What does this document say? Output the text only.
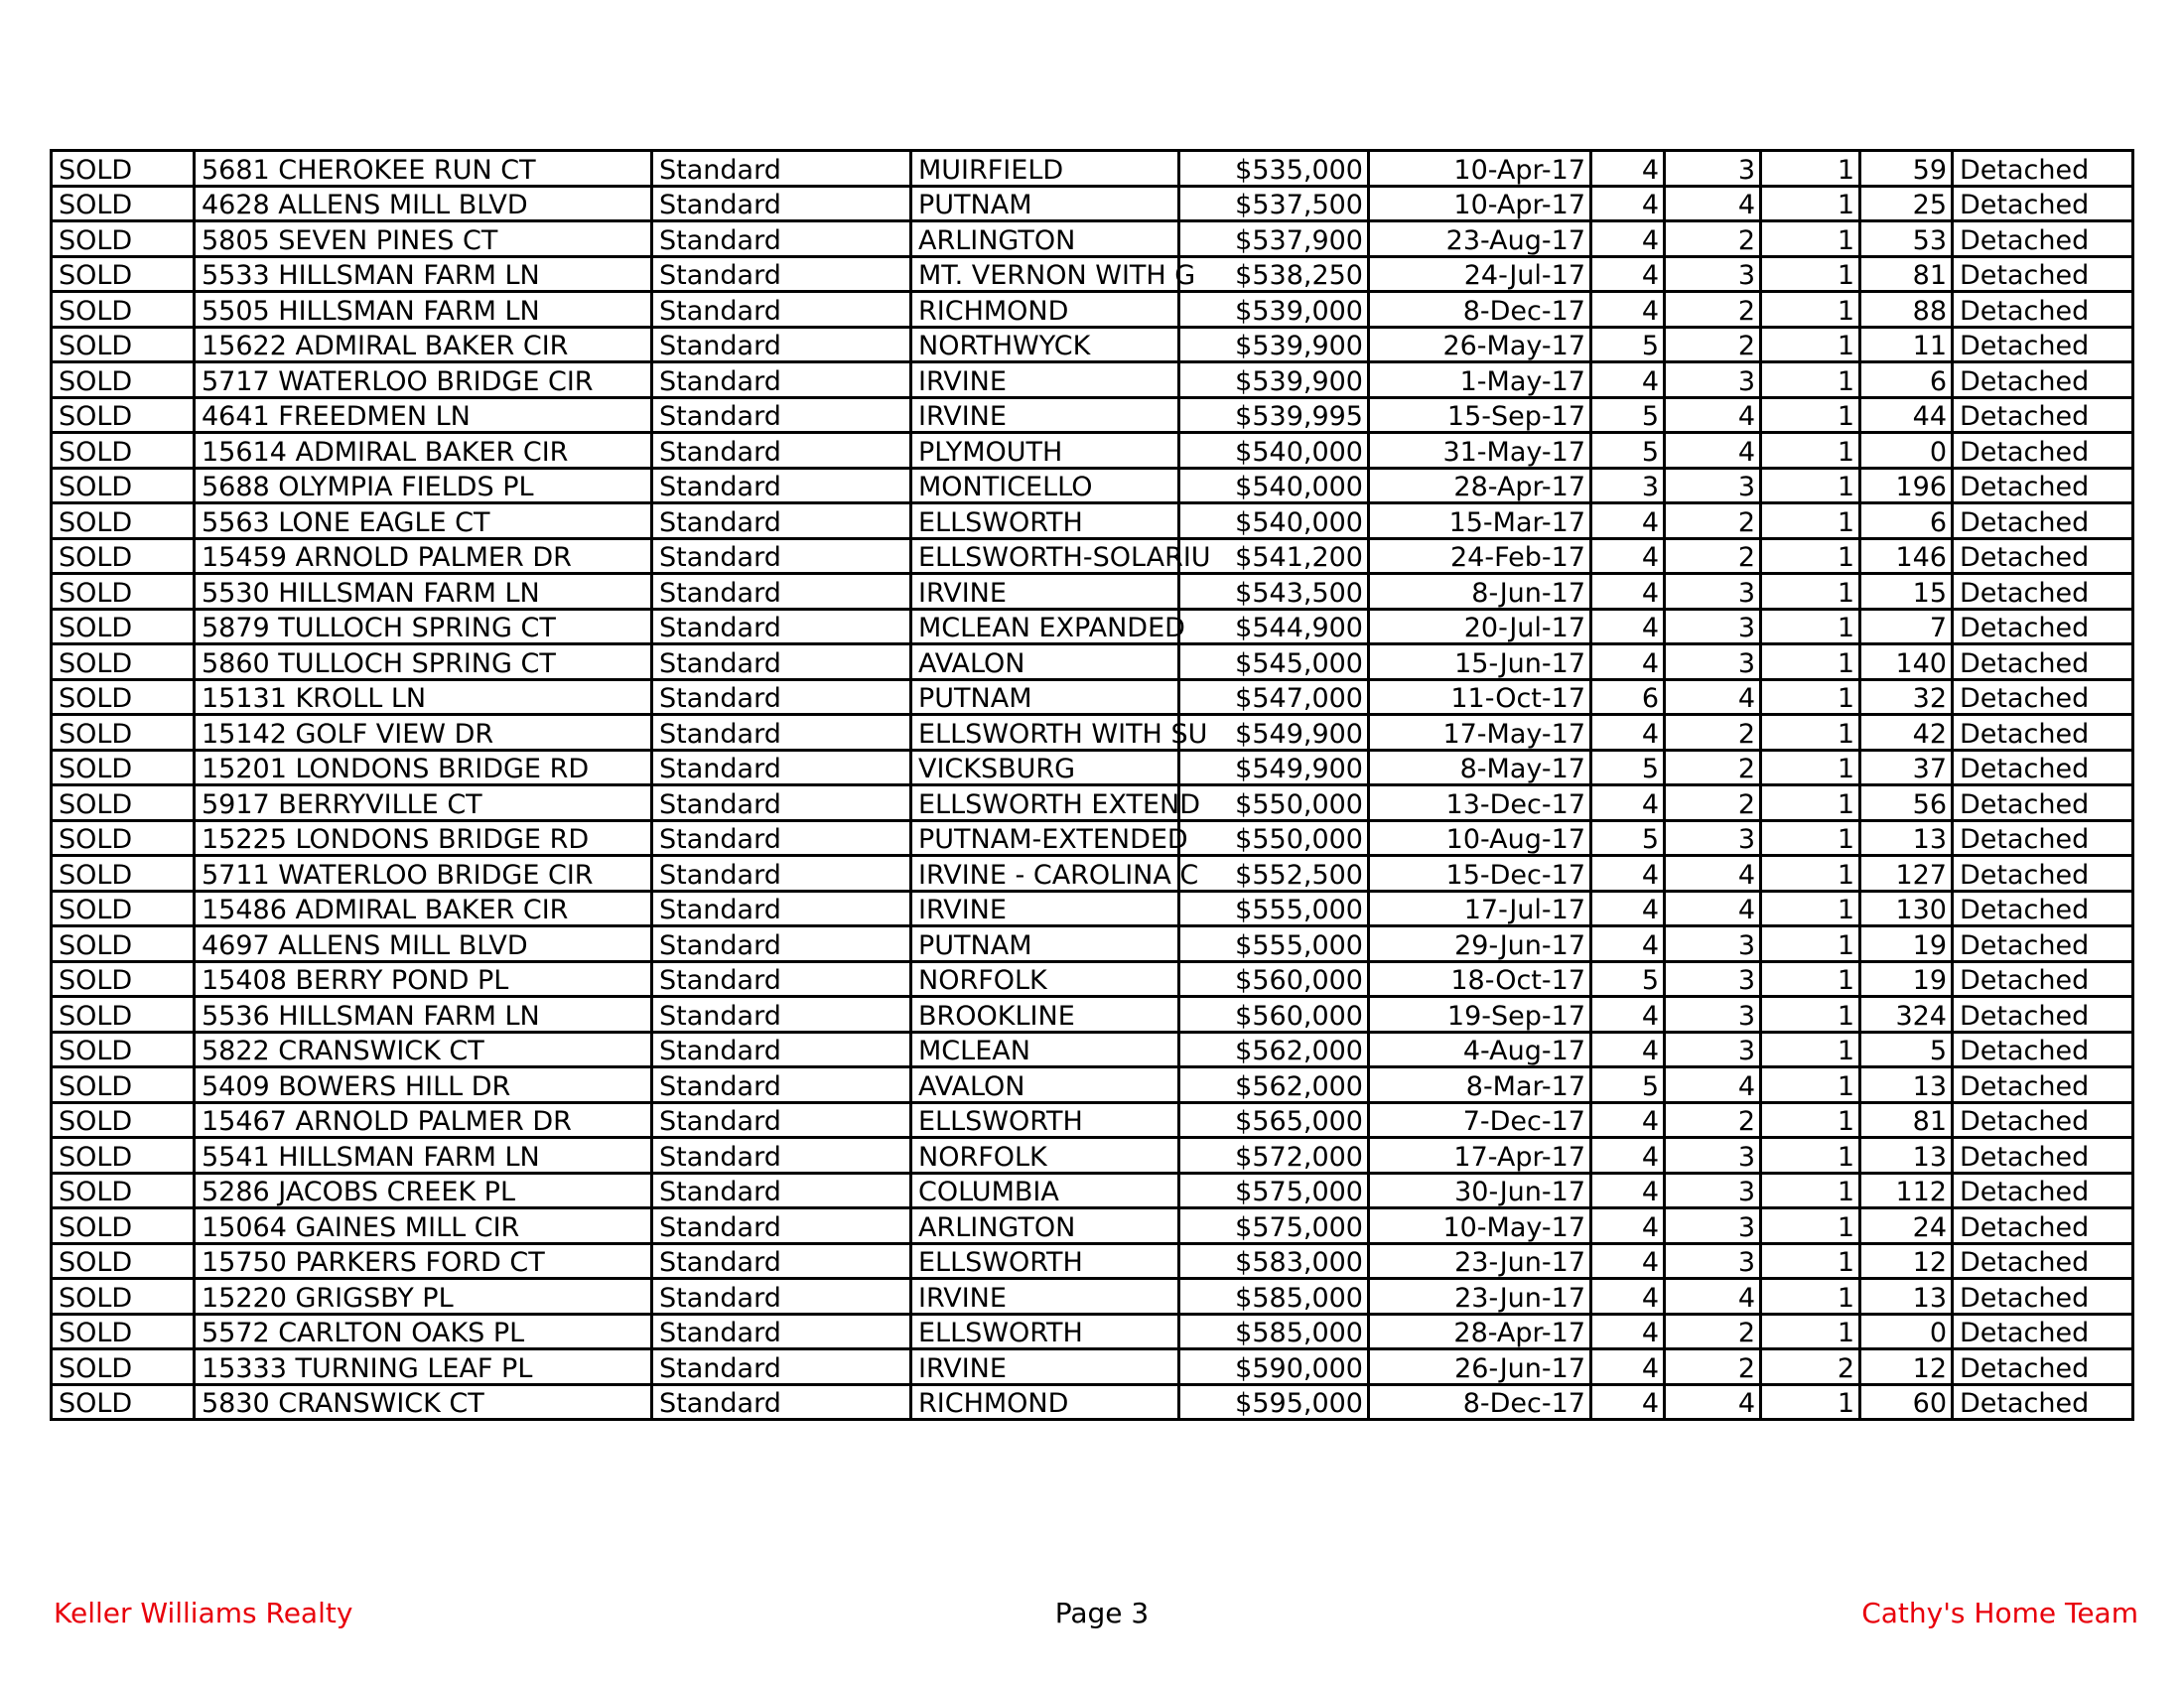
SOLD	5681 CHEROKEE RUN CT	Standard	MUIRFIELD	$535,000	10-Apr-17	4	3	1	59	Detached
SOLD	4628 ALLENS MILL BLVD	Standard	PUTNAM	$537,500	10-Apr-17	4	4	1	25	Detached
SOLD	5805 SEVEN PINES CT	Standard	ARLINGTON	$537,900	23-Aug-17	4	2	1	53	Detached
SOLD	5533 HILLSMAN FARM LN	Standard	MT. VERNON WITH G	$538,250	24-Jul-17	4	3	1	81	Detached
SOLD	5505 HILLSMAN FARM LN	Standard	RICHMOND	$539,000	8-Dec-17	4	2	1	88	Detached
SOLD	15622 ADMIRAL BAKER CIR	Standard	NORTHWYCK	$539,900	26-May-17	5	2	1	11	Detached
SOLD	5717 WATERLOO BRIDGE CIR	Standard	IRVINE	$539,900	1-May-17	4	3	1	6	Detached
SOLD	4641 FREEDMEN LN	Standard	IRVINE	$539,995	15-Sep-17	5	4	1	44	Detached
SOLD	15614 ADMIRAL BAKER CIR	Standard	PLYMOUTH	$540,000	31-May-17	5	4	1	0	Detached
SOLD	5688 OLYMPIA FIELDS PL	Standard	MONTICELLO	$540,000	28-Apr-17	3	3	1	196	Detached
SOLD	5563 LONE EAGLE CT	Standard	ELLSWORTH	$540,000	15-Mar-17	4	2	1	6	Detached
SOLD	15459 ARNOLD PALMER DR	Standard	ELLSWORTH-SOLARIU	$541,200	24-Feb-17	4	2	1	146	Detached
SOLD	5530 HILLSMAN FARM LN	Standard	IRVINE	$543,500	8-Jun-17	4	3	1	15	Detached
SOLD	5879 TULLOCH SPRING CT	Standard	MCLEAN EXPANDED	$544,900	20-Jul-17	4	3	1	7	Detached
SOLD	5860 TULLOCH SPRING CT	Standard	AVALON	$545,000	15-Jun-17	4	3	1	140	Detached
SOLD	15131 KROLL LN	Standard	PUTNAM	$547,000	11-Oct-17	6	4	1	32	Detached
SOLD	15142 GOLF VIEW DR	Standard	ELLSWORTH WITH SU	$549,900	17-May-17	4	2	1	42	Detached
SOLD	15201 LONDONS BRIDGE RD	Standard	VICKSBURG	$549,900	8-May-17	5	2	1	37	Detached
SOLD	5917 BERRYVILLE CT	Standard	ELLSWORTH EXTEND	$550,000	13-Dec-17	4	2	1	56	Detached
SOLD	15225 LONDONS BRIDGE RD	Standard	PUTNAM-EXTENDED	$550,000	10-Aug-17	5	3	1	13	Detached
SOLD	5711 WATERLOO BRIDGE CIR	Standard	IRVINE - CAROLINA C	$552,500	15-Dec-17	4	4	1	127	Detached
SOLD	15486 ADMIRAL BAKER CIR	Standard	IRVINE	$555,000	17-Jul-17	4	4	1	130	Detached
SOLD	4697 ALLENS MILL BLVD	Standard	PUTNAM	$555,000	29-Jun-17	4	3	1	19	Detached
SOLD	15408 BERRY POND PL	Standard	NORFOLK	$560,000	18-Oct-17	5	3	1	19	Detached
SOLD	5536 HILLSMAN FARM LN	Standard	BROOKLINE	$560,000	19-Sep-17	4	3	1	324	Detached
SOLD	5822 CRANSWICK CT	Standard	MCLEAN	$562,000	4-Aug-17	4	3	1	5	Detached
SOLD	5409 BOWERS HILL DR	Standard	AVALON	$562,000	8-Mar-17	5	4	1	13	Detached
SOLD	15467 ARNOLD PALMER DR	Standard	ELLSWORTH	$565,000	7-Dec-17	4	2	1	81	Detached
SOLD	5541 HILLSMAN FARM LN	Standard	NORFOLK	$572,000	17-Apr-17	4	3	1	13	Detached
SOLD	5286 JACOBS CREEK PL	Standard	COLUMBIA	$575,000	30-Jun-17	4	3	1	112	Detached
SOLD	15064 GAINES MILL CIR	Standard	ARLINGTON	$575,000	10-May-17	4	3	1	24	Detached
SOLD	15750 PARKERS FORD CT	Standard	ELLSWORTH	$583,000	23-Jun-17	4	3	1	12	Detached
SOLD	15220 GRIGSBY PL	Standard	IRVINE	$585,000	23-Jun-17	4	4	1	13	Detached
SOLD	5572 CARLTON OAKS PL	Standard	ELLSWORTH	$585,000	28-Apr-17	4	2	1	0	Detached
SOLD	15333 TURNING LEAF PL	Standard	IRVINE	$590,000	26-Jun-17	4	2	2	12	Detached
SOLD	5830 CRANSWICK CT	Standard	RICHMOND	$595,000	8-Dec-17	4	4	1	60	Detached
Keller Williams Realty	Page 3	Cathy's Home Team
